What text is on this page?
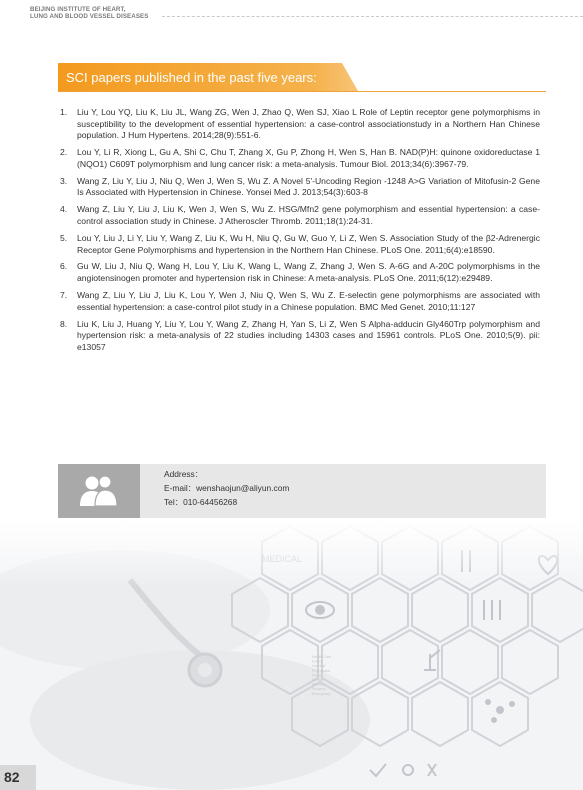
BEIJING INSTITUTE OF HEART,
LUNG AND BLOOD VESSEL DISEASES
SCI papers published in the past five years:
1. Liu Y, Lou YQ, Liu K, Liu JL, Wang ZG, Wen J, Zhao Q, Wen SJ, Xiao L Role of Leptin receptor gene polymorphisms in susceptibility to the development of essential hypertension: a case-control associationstudy in a Northern Han Chinese population. J Hum Hypertens. 2014;28(9):551-6.
2. Lou Y, Li R, Xiong L, Gu A, Shi C, Chu T, Zhang X, Gu P, Zhong H, Wen S, Han B. NAD(P)H: quinone oxidoreductase 1 (NQO1) C609T polymorphism and lung cancer risk: a meta-analysis. Tumour Biol. 2013;34(6):3967-79.
3. Wang Z, Liu Y, Liu J, Niu Q, Wen J, Wen S, Wu Z. A Novel 5'-Uncoding Region -1248 A>G Variation of Mitofusin-2 Gene Is Associated with Hypertension in Chinese. Yonsei Med J. 2013;54(3):603-8
4. Wang Z, Liu Y, Liu J, Liu K, Wen J, Wen S, Wu Z. HSG/Mfn2 gene polymorphism and essential hypertension: a case-control association study in Chinese. J Atheroscler Thromb. 2011;18(1):24-31.
5. Lou Y, Liu J, Li Y, Liu Y, Wang Z, Liu K, Wu H, Niu Q, Gu W, Guo Y, Li Z, Wen S. Association Study of the β2-Adrenergic Receptor Gene Polymorphisms and hypertension in the Northern Han Chinese. PLoS One. 2011;6(4):e18590.
6. Gu W, Liu J, Niu Q, Wang H, Lou Y, Liu K, Wang L, Wang Z, Zhang J, Wen S. A-6G and A-20C polymorphisms in the angiotensinogen promoter and hypertension risk in Chinese: A meta-analysis. PLoS One. 2011;6(12):e29489.
7. Wang Z, Liu Y, Liu J, Liu K, Lou Y, Wen J, Niu Q, Wen S, Wu Z. E-selectin gene polymorphisms are associated with essential hypertension: a case-control pilot study in a Chinese population. BMC Med Genet. 2010;11:127
8. Liu K, Liu J, Huang Y, Liu Y, Lou Y, Wang Z, Zhang H, Yan S, Li Z, Wen S Alpha-adducin Gly460Trp polymorphism and hypertension risk: a meta-analysis of 22 studies including 14303 cases and 15961 controls. PLoS One. 2010;5(9). pii: e13057
Address：
E-mail：wenshaojun@aliyun.com
Tel：010-64456268
82
